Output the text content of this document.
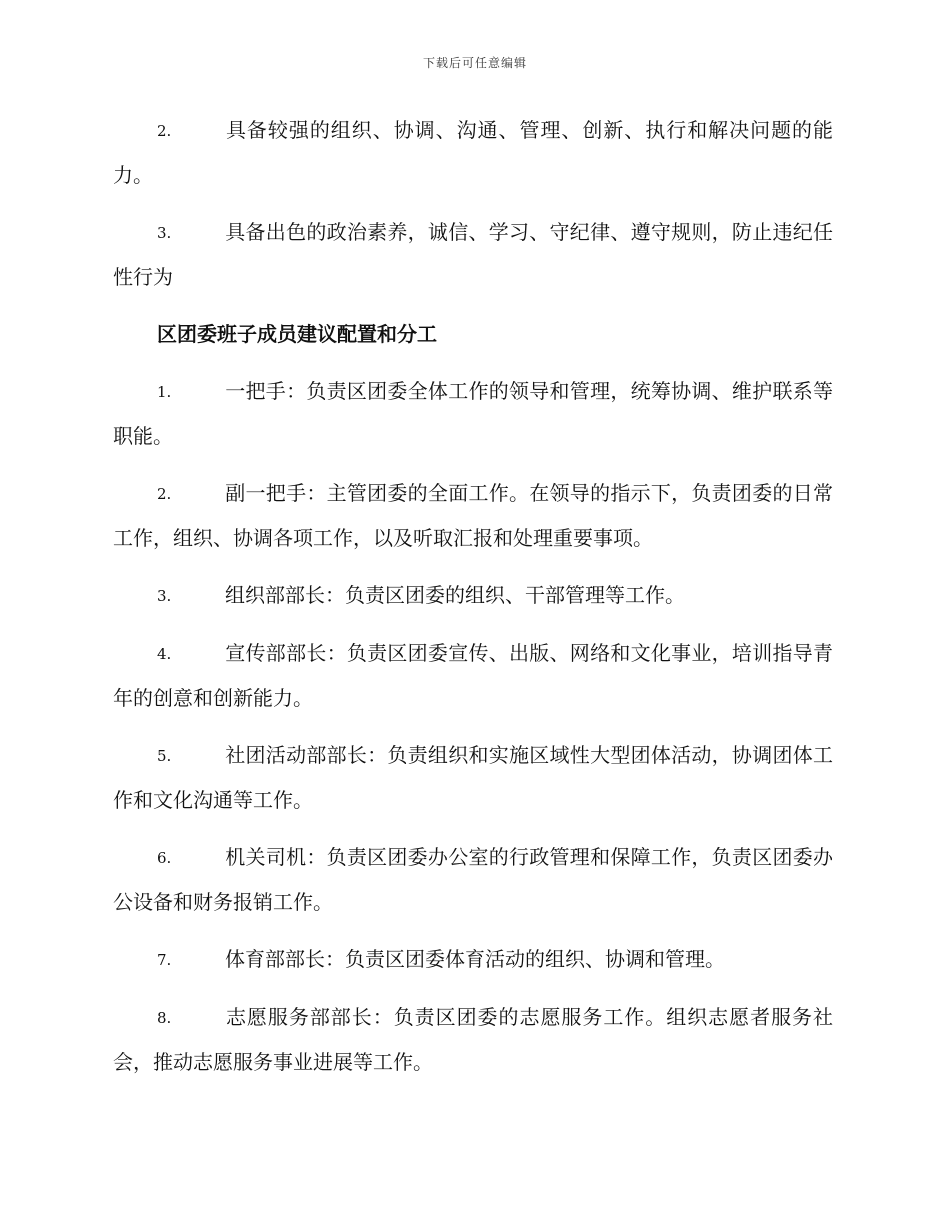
下载后可任意编辑

2.	具备较强的组织、协调、沟通、管理、创新、执行和解决问题的能力。

3.	具备出色的政治素养，诚信、学习、守纪律、遵守规则，防止违纪任性行为

区团委班子成员建议配置和分工

1.	一把手：负责区团委全体工作的领导和管理，统筹协调、维护联系等职能。

2.	副一把手：主管团委的全面工作。在领导的指示下，负责团委的日常工作，组织、协调各项工作，以及听取汇报和处理重要事项。

3.	组织部部长：负责区团委的组织、干部管理等工作。

4.	宣传部部长：负责区团委宣传、出版、网络和文化事业，培训指导青年的创意和创新能力。

5.	社团活动部部长：负责组织和实施区域性大型团体活动，协调团体工作和文化沟通等工作。

6.	机关司机：负责区团委办公室的行政管理和保障工作，负责区团委办公设备和财务报销工作。

7.	体育部部长：负责区团委体育活动的组织、协调和管理。

8.	志愿服务部部长：负责区团委的志愿服务工作。组织志愿者服务社会，推动志愿服务事业进展等工作。
